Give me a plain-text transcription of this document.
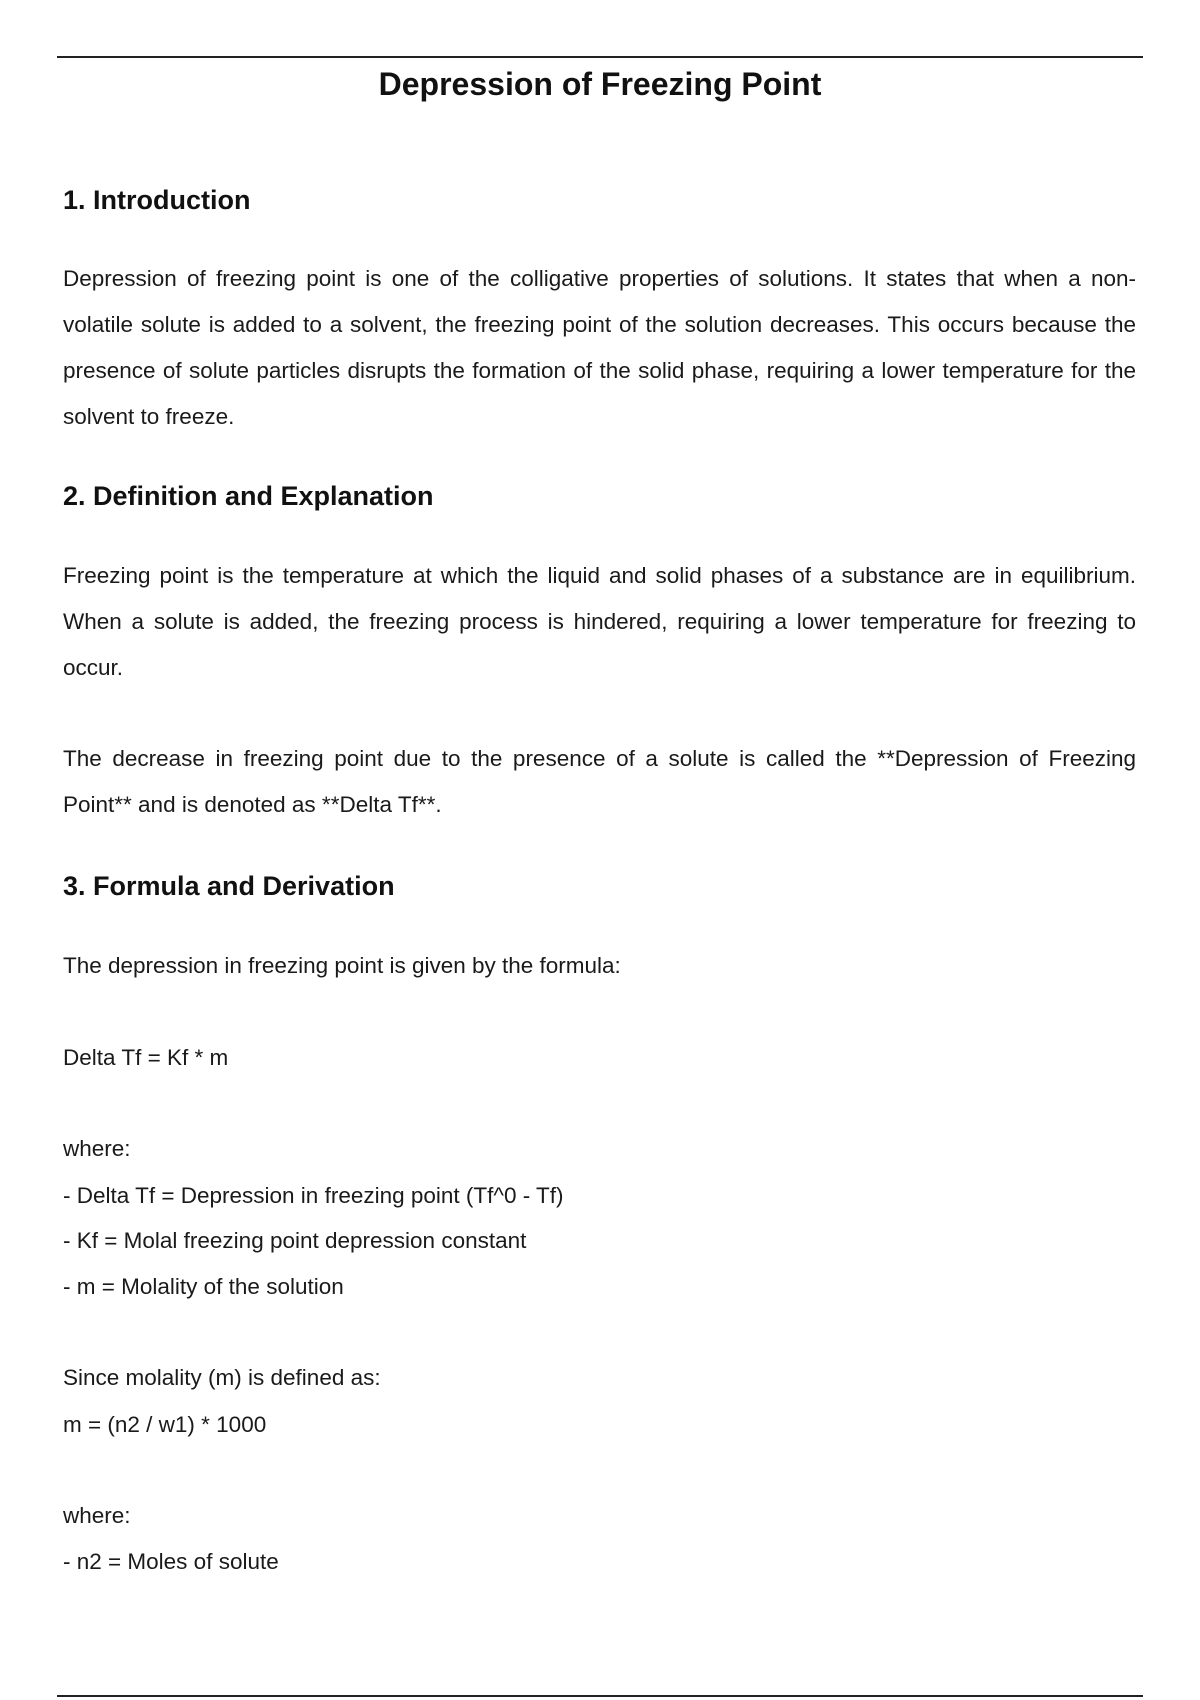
Depression of Freezing Point
1. Introduction

Depression of freezing point is one of the colligative properties of solutions. It states that when a non-volatile solute is added to a solvent, the freezing point of the solution decreases. This occurs because the presence of solute particles disrupts the formation of the solid phase, requiring a lower temperature for the solvent to freeze.

2. Definition and Explanation

Freezing point is the temperature at which the liquid and solid phases of a substance are in equilibrium. When a solute is added, the freezing process is hindered, requiring a lower temperature for freezing to occur.

The decrease in freezing point due to the presence of a solute is called the **Depression of Freezing Point** and is denoted as **Delta Tf**.

3. Formula and Derivation
The depression in freezing point is given by the formula:
Delta Tf = Kf * m
where:
- Delta Tf = Depression in freezing point (Tf^0 - Tf)
- Kf = Molal freezing point depression constant
- m = Molality of the solution
Since molality (m) is defined as:
m = (n2 / w1) * 1000
where:
- n2 = Moles of solute
